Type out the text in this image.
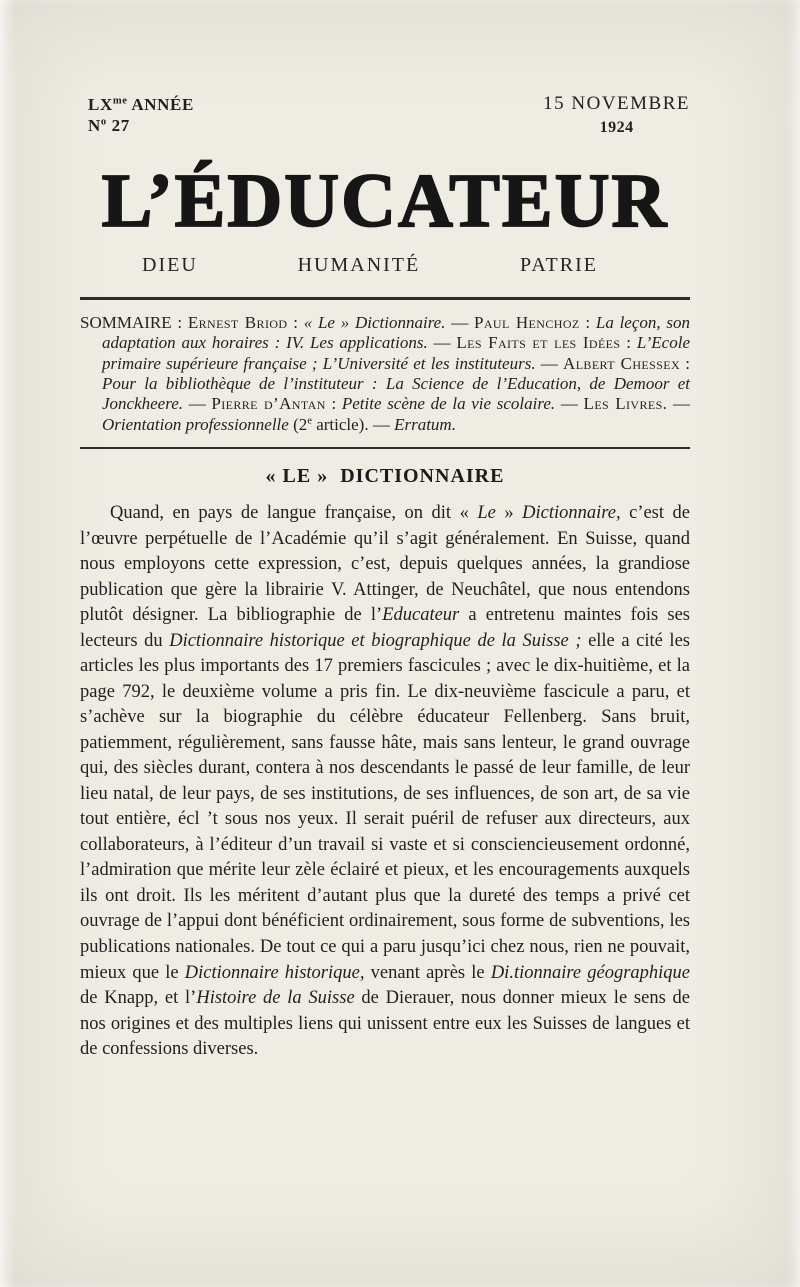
$LX^{me}$ ANNÉE
$N^o$ 27
15 NOVEMBRE
1924
L’ÉDUCATEUR
DIEU	HUMANITÉ	PATRIE

SOMMAIRE : Ernest Briod : « Le » Dictionnaire. — Paul Henchoz : La leçon, son adaptation aux horaires : IV. Les applications. — Les Faits et les Idées : L’Ecole primaire supérieure française ; L’Université et les instituteurs. — Albert Chessex : Pour la bibliothèque de l’instituteur : La Science de l’Education, de Demoor et Jonckheere. — Pierre d’Antan : Petite scène de la vie scolaire. — Les Livres. — Orientation professionnelle (2e article). — Erratum.

« LE »  DICTIONNAIRE

Quand, en pays de langue française, on dit « Le » Dictionnaire, c’est de l’œuvre perpétuelle de l’Académie qu’il s’agit généralement. En Suisse, quand nous employons cette expression, c’est, depuis quelques années, la grandiose publication que gère la librairie V. Attinger, de Neuchâtel, que nous entendons plutôt désigner. La bibliographie de l’Educateur a entretenu maintes fois ses lecteurs du Dictionnaire historique et biographique de la Suisse ; elle a cité les articles les plus importants des 17 premiers fascicules ; avec le dix-huitième, et la page 792, le deuxième volume a pris fin. Le dix-neuvième fascicule a paru, et s’achève sur la biographie du célèbre éducateur Fellenberg. Sans bruit, patiemment, régulièrement, sans fausse hâte, mais sans lenteur, le grand ouvrage qui, des siècles durant, contera à nos descendants le passé de leur famille, de leur lieu natal, de leur pays, de ses institutions, de ses influences, de son art, de sa vie tout entière, écl ’t sous nos yeux. Il serait puéril de refuser aux directeurs, aux collaborateurs, à l’éditeur d’un travail si vaste et si consciencieusement ordonné, l’admiration que mérite leur zèle éclairé et pieux, et les encouragements auxquels ils ont droit. Ils les méritent d’autant plus que la dureté des temps a privé cet ouvrage de l’appui dont bénéficient ordinairement, sous forme de subventions, les publications nationales. De tout ce qui a paru jusqu’ici chez nous, rien ne pouvait, mieux que le Dictionnaire historique, venant après le Di.tionnaire géographique de Knapp, et l’Histoire de la Suisse de Dierauer, nous donner mieux le sens de nos origines et des multiples liens qui unissent entre eux les Suisses de langues et de confessions diverses.
